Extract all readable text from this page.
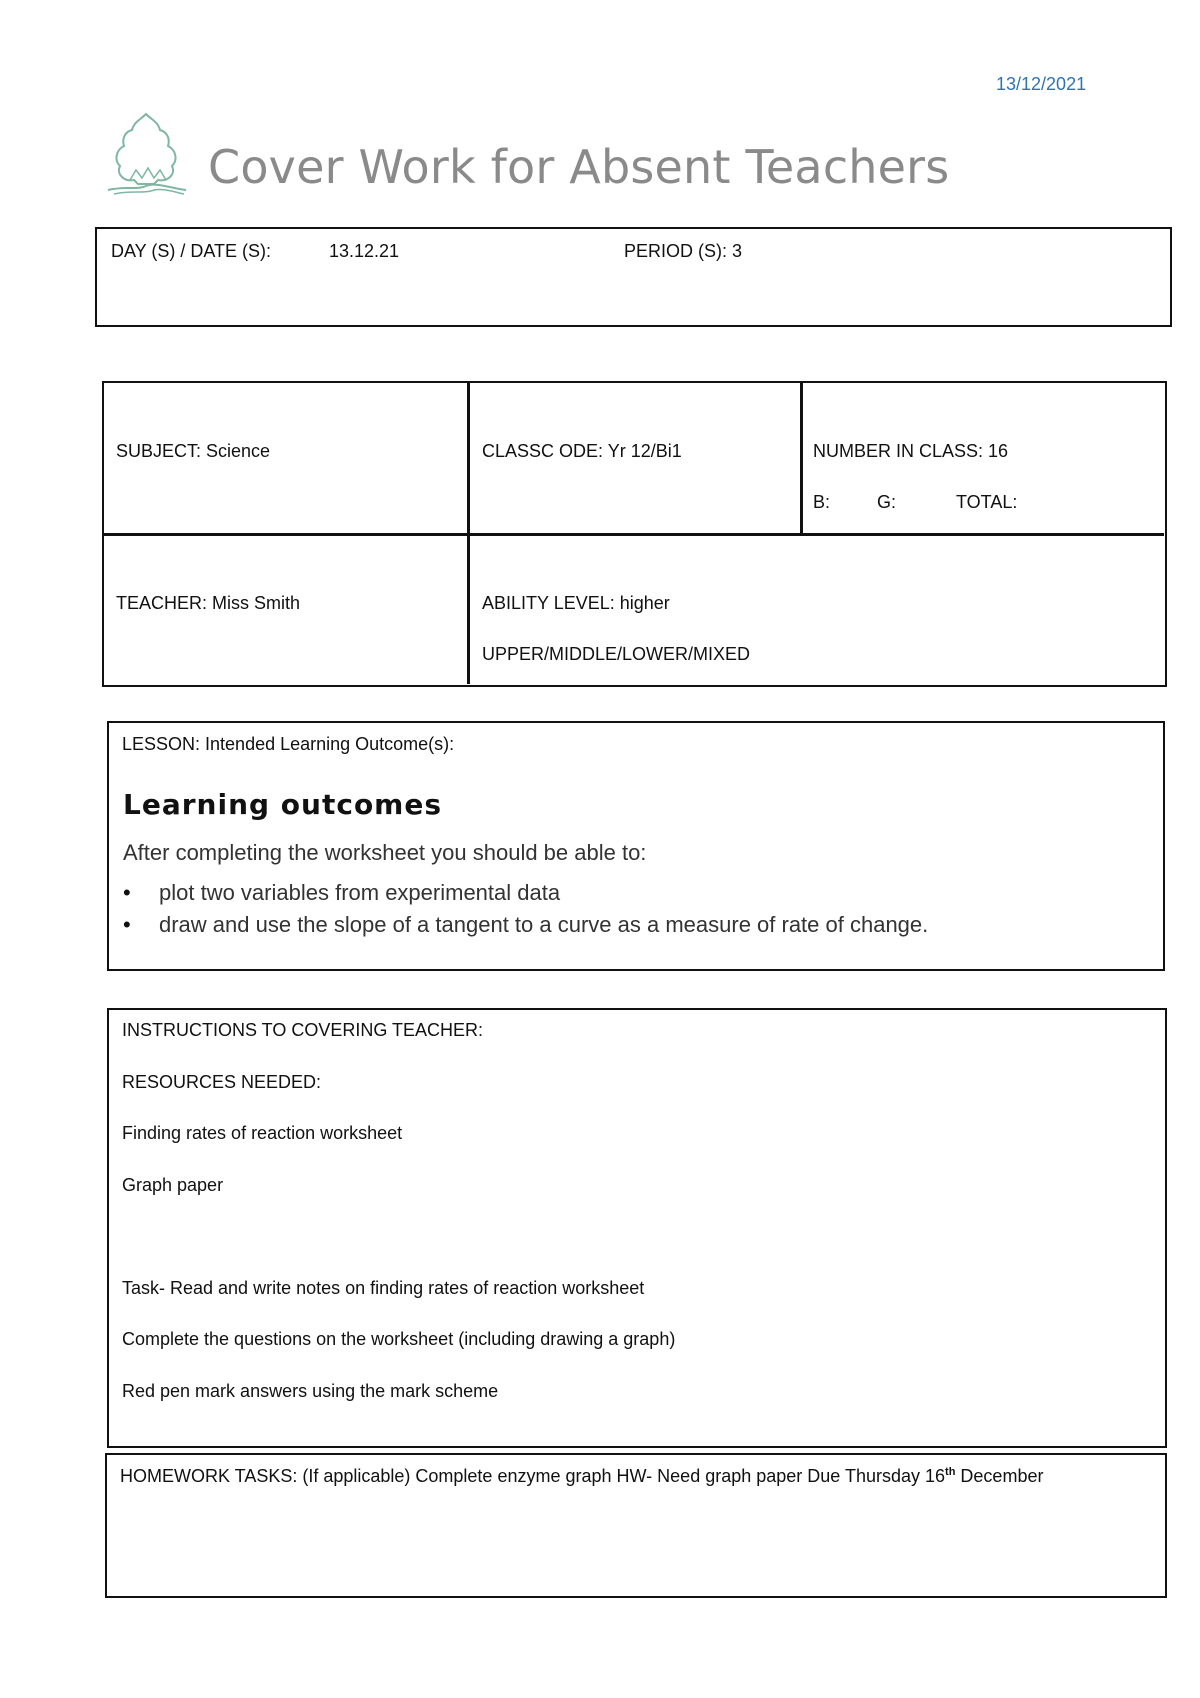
13/12/2021
Cover Work for Absent Teachers
DAY (S) / DATE (S):	13.12.21	PERIOD (S): 3
SUBJECT: Science	CLASSC ODE: Yr 12/Bi1	NUMBER IN CLASS: 16
B:	G:	TOTAL:
TEACHER: Miss Smith	ABILITY LEVEL: higher
UPPER/MIDDLE/LOWER/MIXED
LESSON: Intended Learning Outcome(s):
Learning outcomes
After completing the worksheet you should be able to:
• plot two variables from experimental data
• draw and use the slope of a tangent to a curve as a measure of rate of change.
INSTRUCTIONS TO COVERING TEACHER:
RESOURCES NEEDED:
Finding rates of reaction worksheet
Graph paper
Task- Read and write notes on finding rates of reaction worksheet
Complete the questions on the worksheet (including drawing a graph)
Red pen mark answers using the mark scheme
HOMEWORK TASKS: (If applicable) Complete enzyme graph HW- Need graph paper Due Thursday 16th December
